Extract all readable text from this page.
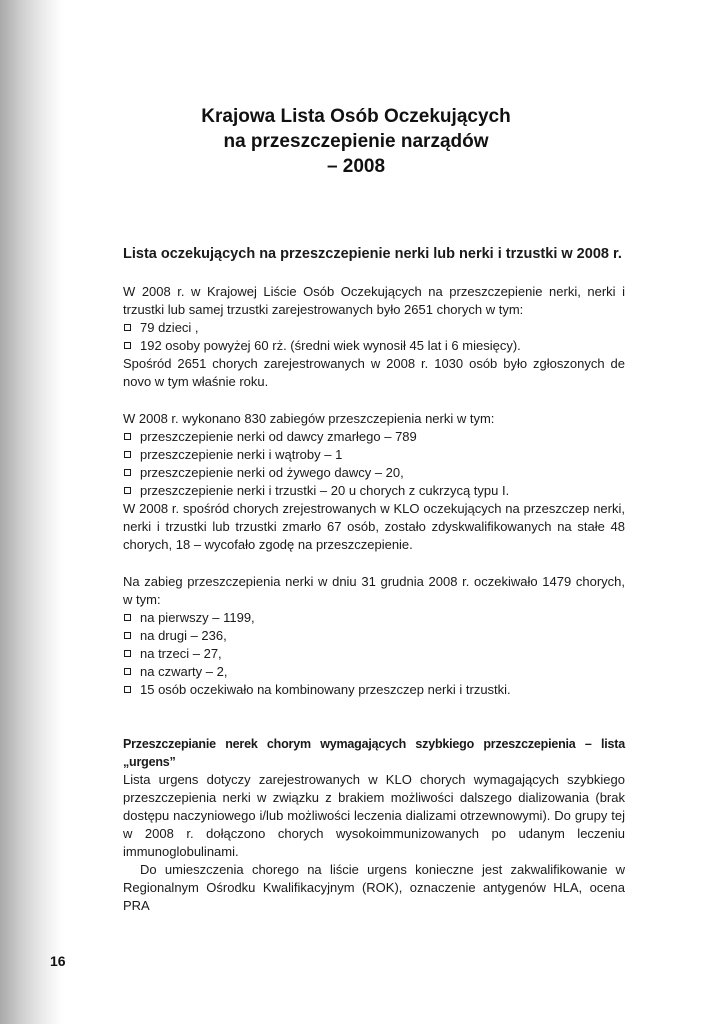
Krajowa Lista Osób Oczekujących
na przeszczepienie narządów
– 2008

Lista oczekujących na przeszczepienie nerki lub nerki i trzustki w 2008 r.

W 2008 r. w Krajowej Liście Osób Oczekujących na przeszczepienie nerki, nerki i trzustki lub samej trzustki zarejestrowanych było 2651 chorych w tym:

79 dzieci ,

192 osoby powyżej 60 rż. (średni wiek wynosił 45 lat i 6 miesięcy).

Spośród 2651 chorych zarejestrowanych w 2008 r. 1030 osób było zgłoszonych de novo w tym właśnie roku.

W 2008 r. wykonano 830 zabiegów przeszczepienia nerki w tym:

przeszczepienie nerki od dawcy zmarłego – 789

przeszczepienie nerki i wątroby – 1

przeszczepienie nerki od żywego dawcy – 20,

przeszczepienie nerki i trzustki – 20 u chorych z cukrzycą typu I.

W 2008 r. spośród chorych zrejestrowanych w KLO oczekujących na przeszczep nerki, nerki i trzustki lub trzustki zmarło 67 osób, zostało zdyskwalifikowanych na stałe 48 chorych, 18 – wycofało zgodę na przeszczepienie.

Na zabieg przeszczepienia nerki w dniu 31 grudnia 2008 r. oczekiwało 1479 chorych, w tym:

na pierwszy – 1199,

na drugi – 236,

na trzeci – 27,

na czwarty – 2,

15 osób oczekiwało na kombinowany przeszczep nerki i trzustki.

Przeszczepianie nerek chorym wymagających szybkiego przeszczepienia – lista „urgens”

Lista urgens dotyczy zarejestrowanych w KLO chorych wymagających szybkiego przeszczepienia nerki w związku z brakiem możliwości dalszego dializowania (brak dostępu naczyniowego i/lub możliwości leczenia dializami otrzewnowymi). Do grupy tej w 2008 r. dołączono chorych wysokoimmunizowanych po udanym leczeniu immunoglobulinami.

Do umieszczenia chorego na liście urgens konieczne jest zakwalifikowanie w Regionalnym Ośrodku Kwalifikacyjnym (ROK), oznaczenie antygenów HLA, ocena PRA

16
